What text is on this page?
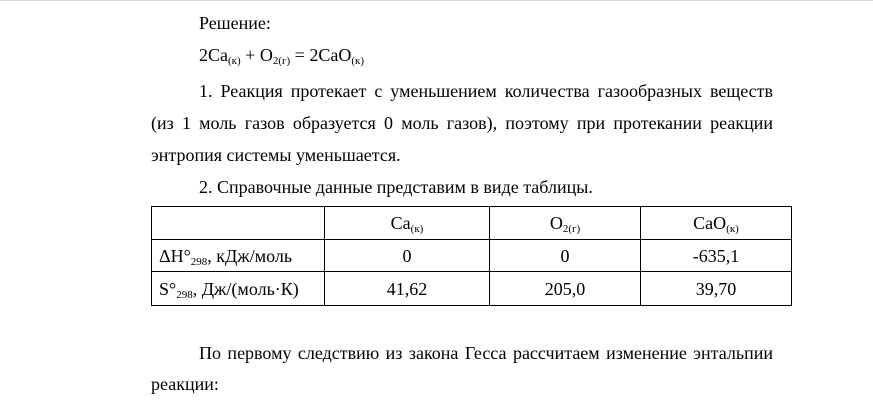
Решение:
$2Ca_{(к)} + O_{2(г)} = 2CaO_{(к)}$
1. Реакция протекает с уменьшением количества газообразных веществ
(из 1 моль газов образуется 0 моль газов), поэтому при протекании реакции
энтропия системы уменьшается.
2. Справочные данные представим в виде таблицы.
	$Ca_{(к)}$	$O_{2(г)}$	CaO$_{(к)}$
$\Delta H^\circ_{298}$, кДж/моль	0	0	-635,1
$S^\circ_{298}$, Дж/(моль·К)	41,62	205,0	39,70
По первому следствию из закона Гесса рассчитаем изменение энтальпии
реакции:
